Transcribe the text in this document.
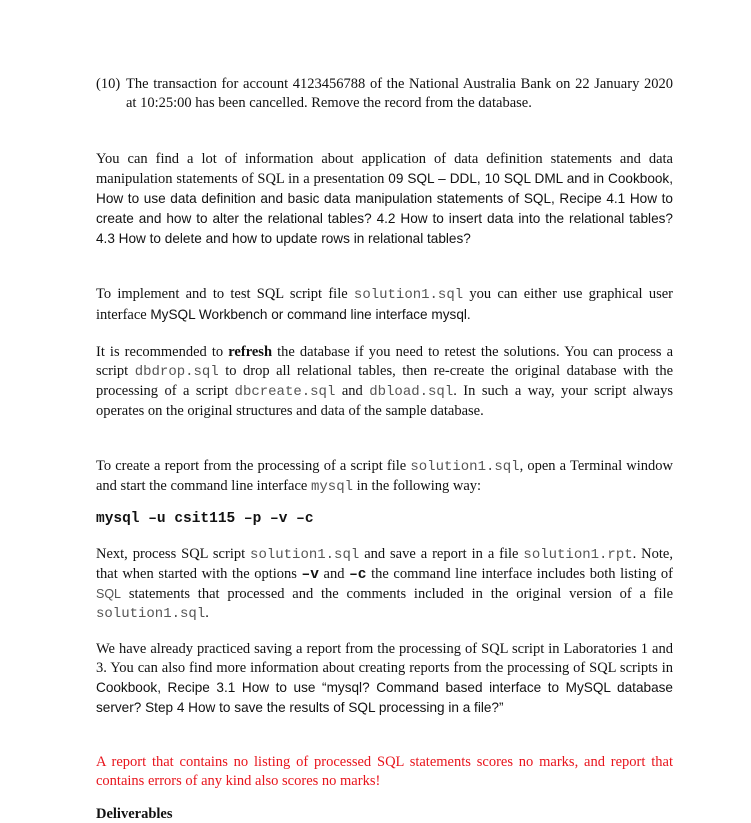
(10) The transaction for account 4123456788 of the National Australia Bank on 22 January 2020 at 10:25:00 has been cancelled. Remove the record from the database.
You can find a lot of information about application of data definition statements and data manipulation statements of SQL in a presentation 09 SQL – DDL, 10 SQL DML and in Cookbook, How to use data definition and basic data manipulation statements of SQL, Recipe 4.1 How to create and how to alter the relational tables? 4.2 How to insert data into the relational tables? 4.3 How to delete and how to update rows in relational tables?
To implement and to test SQL script file solution1.sql you can either use graphical user interface MySQL Workbench or command line interface mysql.
It is recommended to refresh the database if you need to retest the solutions. You can process a script dbdrop.sql to drop all relational tables, then re-create the original database with the processing of a script dbcreate.sql and dbload.sql. In such a way, your script always operates on the original structures and data of the sample database.
To create a report from the processing of a script file solution1.sql, open a Terminal window and start the command line interface mysql in the following way:
mysql –u csit115 –p –v –c
Next, process SQL script solution1.sql and save a report in a file solution1.rpt. Note, that when started with the options –v and –c the command line interface includes both listing of SQL statements that processed and the comments included in the original version of a file solution1.sql.
We have already practiced saving a report from the processing of SQL script in Laboratories 1 and 3. You can also find more information about creating reports from the processing of SQL scripts in Cookbook, Recipe 3.1 How to use “mysql? Command based interface to MySQL database server? Step 4 How to save the results of SQL processing in a file?”
A report that contains no listing of processed SQL statements scores no marks, and report that contains errors of any kind also scores no marks!
Deliverables
